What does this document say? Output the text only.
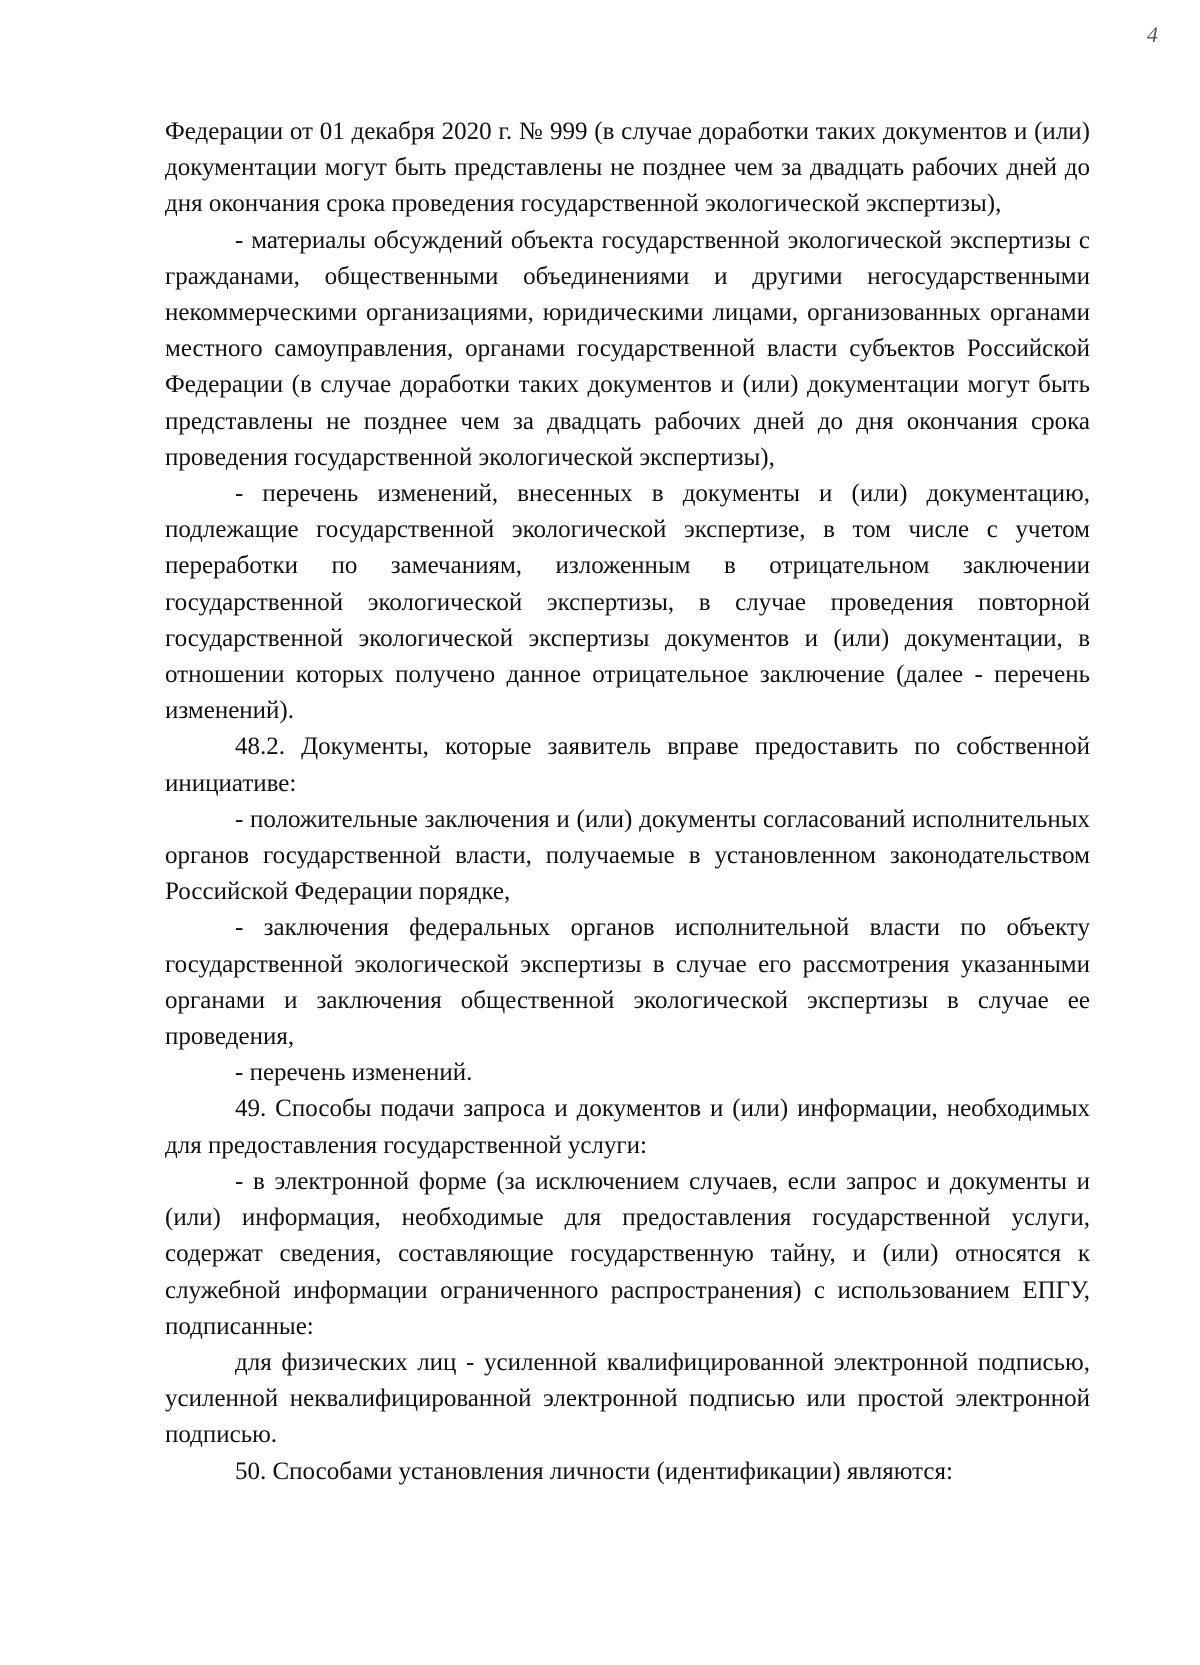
4

Федерации от 01 декабря 2020 г. № 999 (в случае доработки таких документов и (или) документации могут быть представлены не позднее чем за двадцать рабочих дней до дня окончания срока проведения государственной экологической экспертизы),

- материалы обсуждений объекта государственной экологической экспертизы с гражданами, общественными объединениями и другими негосударственными некоммерческими организациями, юридическими лицами, организованных органами местного самоуправления, органами государственной власти субъектов Российской Федерации (в случае доработки таких документов и (или) документации могут быть представлены не позднее чем за двадцать рабочих дней до дня окончания срока проведения государственной экологической экспертизы),

- перечень изменений, внесенных в документы и (или) документацию, подлежащие государственной экологической экспертизе, в том числе с учетом переработки по замечаниям, изложенным в отрицательном заключении государственной экологической экспертизы, в случае проведения повторной государственной экологической экспертизы документов и (или) документации, в отношении которых получено данное отрицательное заключение (далее - перечень изменений).

48.2. Документы, которые заявитель вправе предоставить по собственной инициативе:

- положительные заключения и (или) документы согласований исполнительных органов государственной власти, получаемые в установленном законодательством Российской Федерации порядке,

- заключения федеральных органов исполнительной власти по объекту государственной экологической экспертизы в случае его рассмотрения указанными органами и заключения общественной экологической экспертизы в случае ее проведения,

- перечень изменений.

49. Способы подачи запроса и документов и (или) информации, необходимых для предоставления государственной услуги:

- в электронной форме (за исключением случаев, если запрос и документы и (или) информация, необходимые для предоставления государственной услуги, содержат сведения, составляющие государственную тайну, и (или) относятся к служебной информации ограниченного распространения) с использованием ЕПГУ, подписанные:

для физических лиц - усиленной квалифицированной электронной подписью, усиленной неквалифицированной электронной подписью или простой электронной подписью.

50. Способами установления личности (идентификации) являются:
